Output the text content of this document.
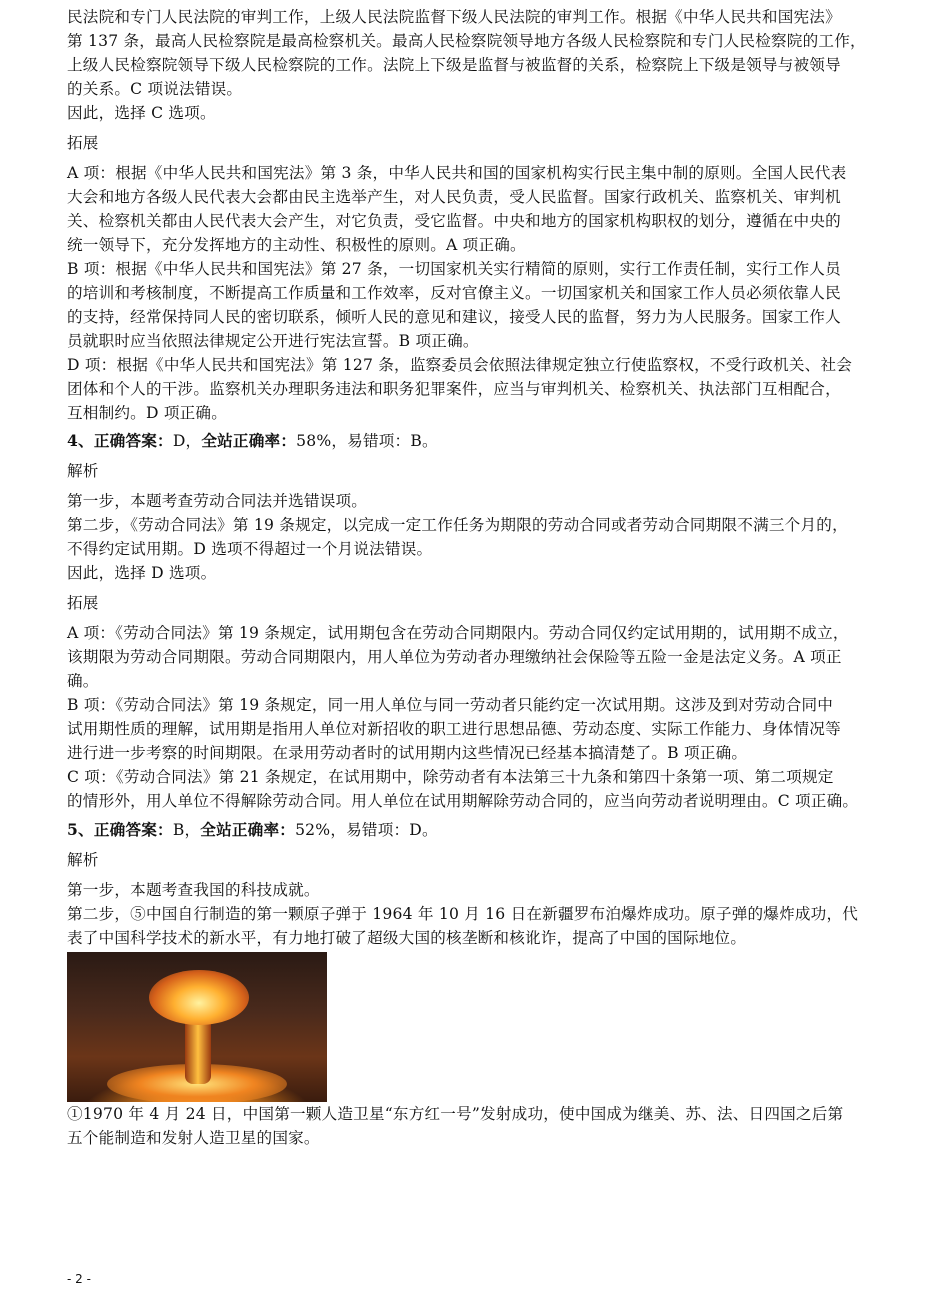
民法院和专门人民法院的审判工作，上级人民法院监督下级人民法院的审判工作。根据《中华人民共和国宪法》
第 137 条，最高人民检察院是最高检察机关。最高人民检察院领导地方各级人民检察院和专门人民检察院的工作，
上级人民检察院领导下级人民检察院的工作。法院上下级是监督与被监督的关系，检察院上下级是领导与被领导
的关系。C 项说法错误。
因此，选择 C 选项。
拓展
A 项：根据《中华人民共和国宪法》第 3 条，中华人民共和国的国家机构实行民主集中制的原则。全国人民代表
大会和地方各级人民代表大会都由民主选举产生，对人民负责，受人民监督。国家行政机关、监察机关、审判机
关、检察机关都由人民代表大会产生，对它负责，受它监督。中央和地方的国家机构职权的划分，遵循在中央的
统一领导下，充分发挥地方的主动性、积极性的原则。A 项正确。
B 项：根据《中华人民共和国宪法》第 27 条，一切国家机关实行精简的原则，实行工作责任制，实行工作人员
的培训和考核制度，不断提高工作质量和工作效率，反对官僚主义。一切国家机关和国家工作人员必须依靠人民
的支持，经常保持同人民的密切联系，倾听人民的意见和建议，接受人民的监督，努力为人民服务。国家工作人
员就职时应当依照法律规定公开进行宪法宣誓。B 项正确。
D 项：根据《中华人民共和国宪法》第 127 条，监察委员会依照法律规定独立行使监察权，不受行政机关、社会
团体和个人的干涉。监察机关办理职务违法和职务犯罪案件，应当与审判机关、检察机关、执法部门互相配合，
互相制约。D 项正确。
4、正确答案：D，全站正确率：58%，易错项：B。
解析
第一步，本题考查劳动合同法并选错误项。
第二步，《劳动合同法》第 19 条规定，以完成一定工作任务为期限的劳动合同或者劳动合同期限不满三个月的，
不得约定试用期。D 选项不得超过一个月说法错误。
因此，选择 D 选项。
拓展
A 项：《劳动合同法》第 19 条规定，试用期包含在劳动合同期限内。劳动合同仅约定试用期的，试用期不成立，
该期限为劳动合同期限。劳动合同期限内，用人单位为劳动者办理缴纳社会保险等五险一金是法定义务。A 项正
确。
B 项：《劳动合同法》第 19 条规定，同一用人单位与同一劳动者只能约定一次试用期。这涉及到对劳动合同中
试用期性质的理解，试用期是指用人单位对新招收的职工进行思想品德、劳动态度、实际工作能力、身体情况等
进行进一步考察的时间期限。在录用劳动者时的试用期内这些情况已经基本搞清楚了。B 项正确。
C 项：《劳动合同法》第 21 条规定，在试用期中，除劳动者有本法第三十九条和第四十条第一项、第二项规定
的情形外，用人单位不得解除劳动合同。用人单位在试用期解除劳动合同的，应当向劳动者说明理由。C 项正确。
5、正确答案：B，全站正确率：52%，易错项：D。
解析
第一步，本题考查我国的科技成就。
第二步，⑤中国自行制造的第一颗原子弹于 1964 年 10 月 16 日在新疆罗布泊爆炸成功。原子弹的爆炸成功，代
表了中国科学技术的新水平，有力地打破了超级大国的核垄断和核讹诈，提高了中国的国际地位。
①1970 年 4 月 24 日，中国第一颗人造卫星“东方红一号”发射成功，使中国成为继美、苏、法、日四国之后第
五个能制造和发射人造卫星的国家。
- 2 -
